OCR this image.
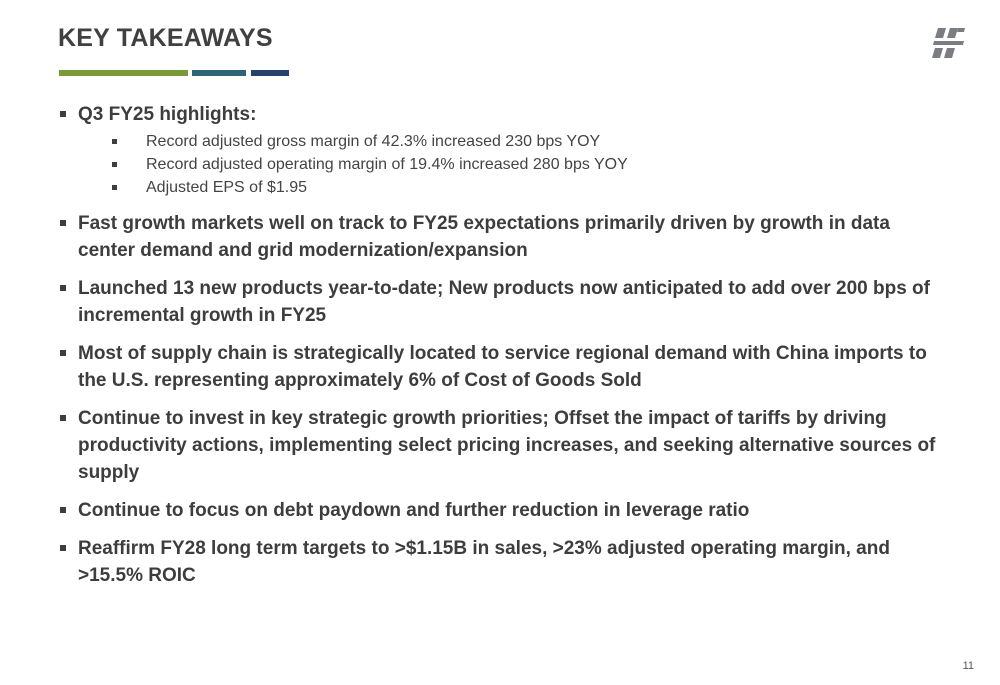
KEY TAKEAWAYS
Q3 FY25 highlights:
Record adjusted gross margin of 42.3% increased 230 bps YOY
Record adjusted operating margin of 19.4% increased 280 bps YOY
Adjusted EPS of $1.95
Fast growth markets well on track to FY25 expectations primarily driven by growth in data center demand and grid modernization/expansion
Launched 13 new products year-to-date; New products now anticipated to add over 200 bps of incremental growth in FY25
Most of supply chain is strategically located to service regional demand with China imports to the U.S. representing approximately 6% of Cost of Goods Sold
Continue to invest in key strategic growth priorities; Offset the impact of tariffs by driving productivity actions, implementing select pricing increases, and seeking alternative sources of supply
Continue to focus on debt paydown and further reduction in leverage ratio
Reaffirm FY28 long term targets to >$1.15B in sales, >23% adjusted operating margin, and >15.5% ROIC
11
